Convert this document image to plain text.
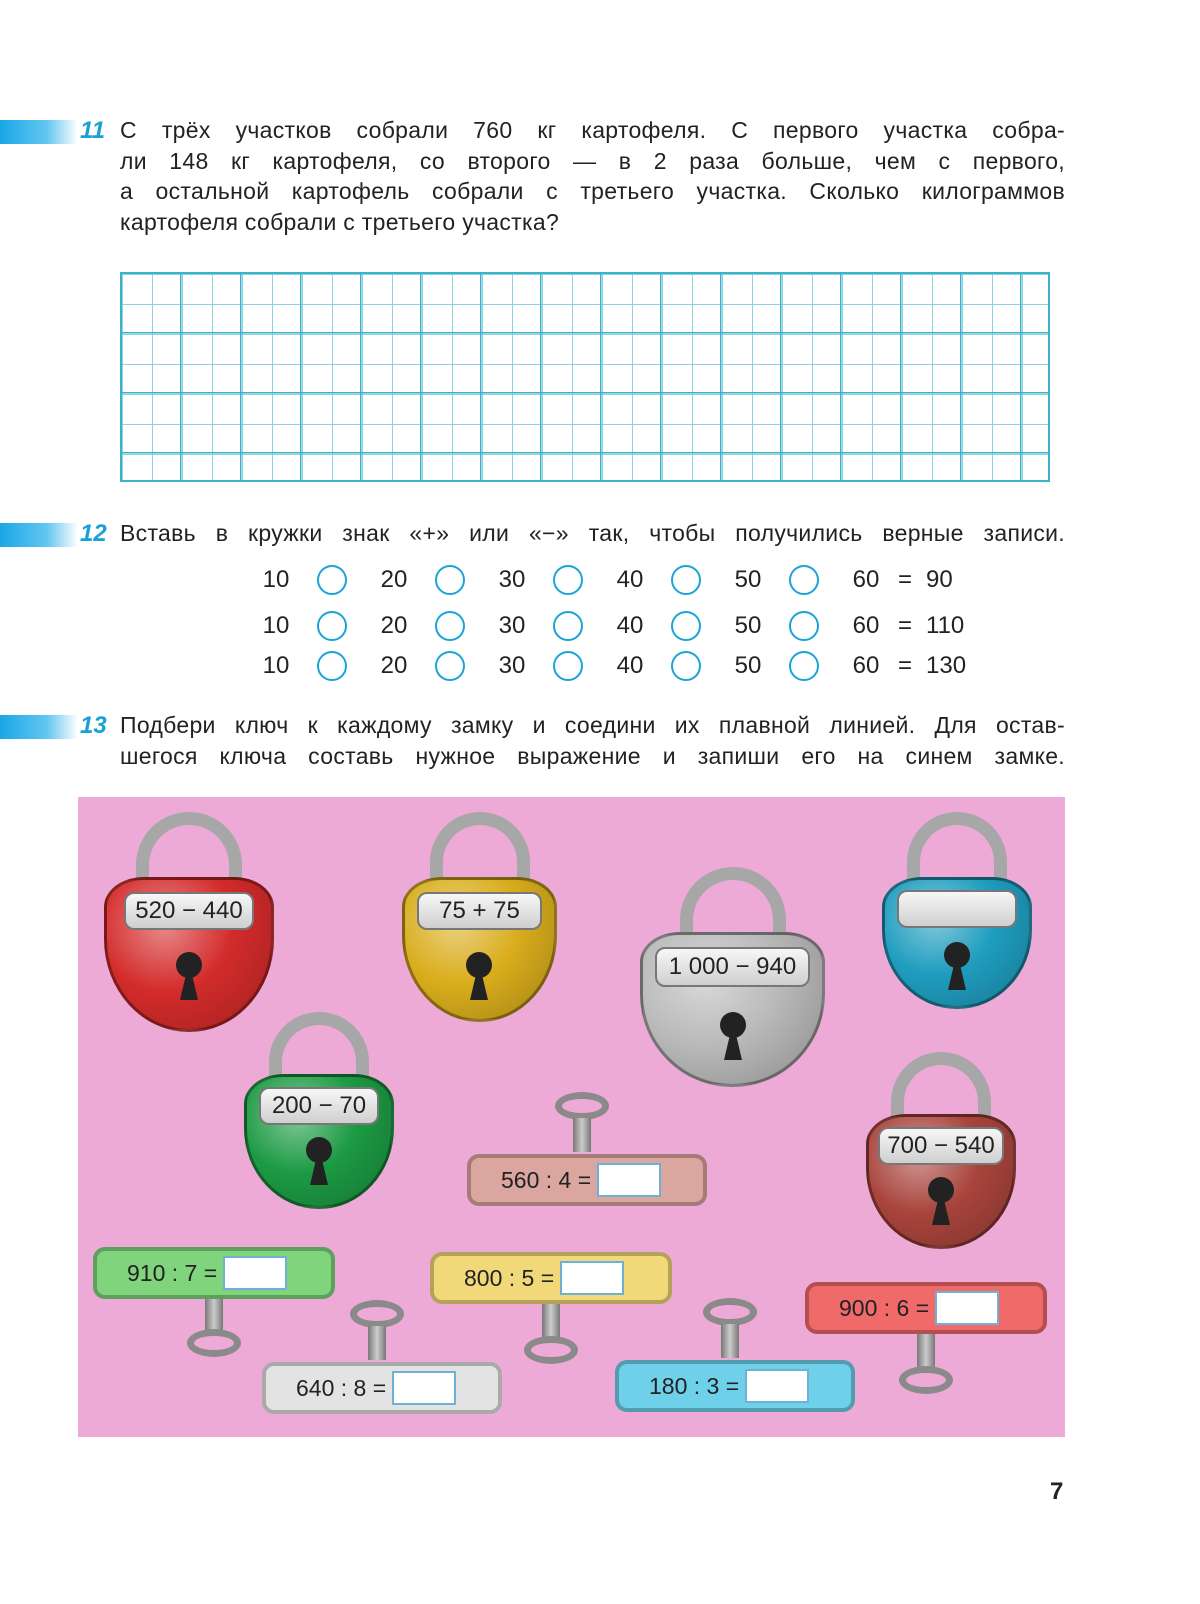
11 С трёх участков собрали 760 кг картофеля. С первого участка собра-
ли 148 кг картофеля, со второго — в 2 раза больше, чем с первого,
а остальной картофель собрали с третьего участка. Сколько килограммов
картофеля собрали с третьего участка?
12 Вставь в кружки знак «+» или «−» так, чтобы получились верные записи.
10	20	30	40	50	60 = 90
10	20	30	40	50	60 = 110
10	20	30	40	50	60 = 130
13 Подбери ключ к каждому замку и соедини их плавной линией. Для остав-
шегося ключа составь нужное выражение и запиши его на синем замке.
520 − 440	75 + 75
1 000 − 940
200 − 70
700 − 540
560 : 4 =
910 : 7 =	800 : 5 =
640 : 8 =	180 : 3 =
900 : 6 =
7
